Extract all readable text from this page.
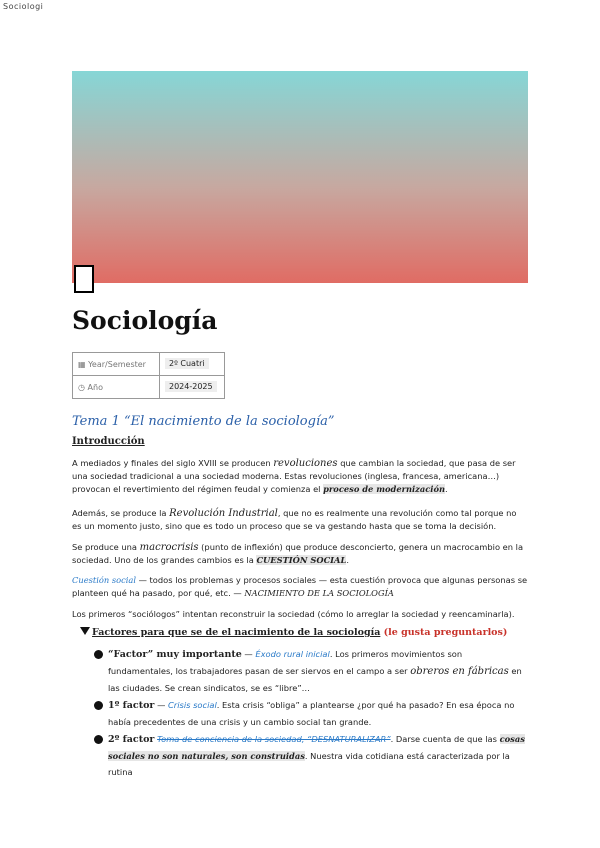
Sociologi
Sociología
▦ Year/Semester	2º Cuatri
◷ Año	2024-2025
Tema 1 “El nacimiento de la sociología”
Introducción
A mediados y finales del siglo XVIII se producen revoluciones que cambian la sociedad, que pasa de ser una sociedad tradicional a una sociedad moderna. Estas revoluciones (inglesa, francesa, americana…) provocan el revertimiento del régimen feudal y comienza el proceso de modernización.
Además, se produce la Revolución Industrial, que no es realmente una revolución como tal porque no es un momento justo, sino que es todo un proceso que se va gestando hasta que se toma la decisión.
Se produce una macrocrisis (punto de inflexión) que produce desconcierto, genera un macrocambio en la sociedad. Uno de los grandes cambios es la CUESTIÓN SOCIAL.
Cuestión social — todos los problemas y procesos sociales — esta cuestión provoca que algunas personas se planteen qué ha pasado, por qué, etc. — NACIMIENTO DE LA SOCIOLOGÍA
Los primeros “sociólogos” intentan reconstruir la sociedad (cómo lo arreglar la sociedad y reencaminarla).
Factores para que se de el nacimiento de la sociología (le gusta preguntarlos)
“Factor” muy importante — Éxodo rural inicial. Los primeros movimientos son fundamentales, los trabajadores pasan de ser siervos en el campo a ser obreros en fábricas en las ciudades. Se crean sindicatos, se es “libre”…
1º factor — Crisis social. Esta crisis “obliga” a plantearse ¿por qué ha pasado? En esa época no había precedentes de una crisis y un cambio social tan grande.
2º factor Toma de conciencia de la sociedad, “DESNATURALIZAR”. Darse cuenta de que las cosas sociales no son naturales, son construidas. Nuestra vida cotidiana está caracterizada por la rutina
